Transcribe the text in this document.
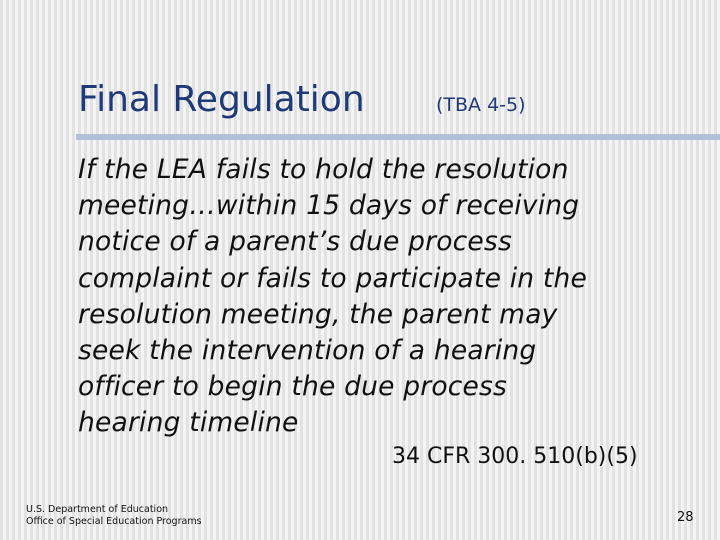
Final Regulation	(TBA 4-5)

If the LEA fails to hold the resolution
meeting…within 15 days of receiving
notice of a parent’s due process
complaint or fails to participate in the
resolution meeting, the parent may
seek the intervention of a hearing
officer to begin the due process
hearing timeline

34 CFR 300. 510(b)(5)
U.S. Department of Education
Office of Special Education Programs	28
